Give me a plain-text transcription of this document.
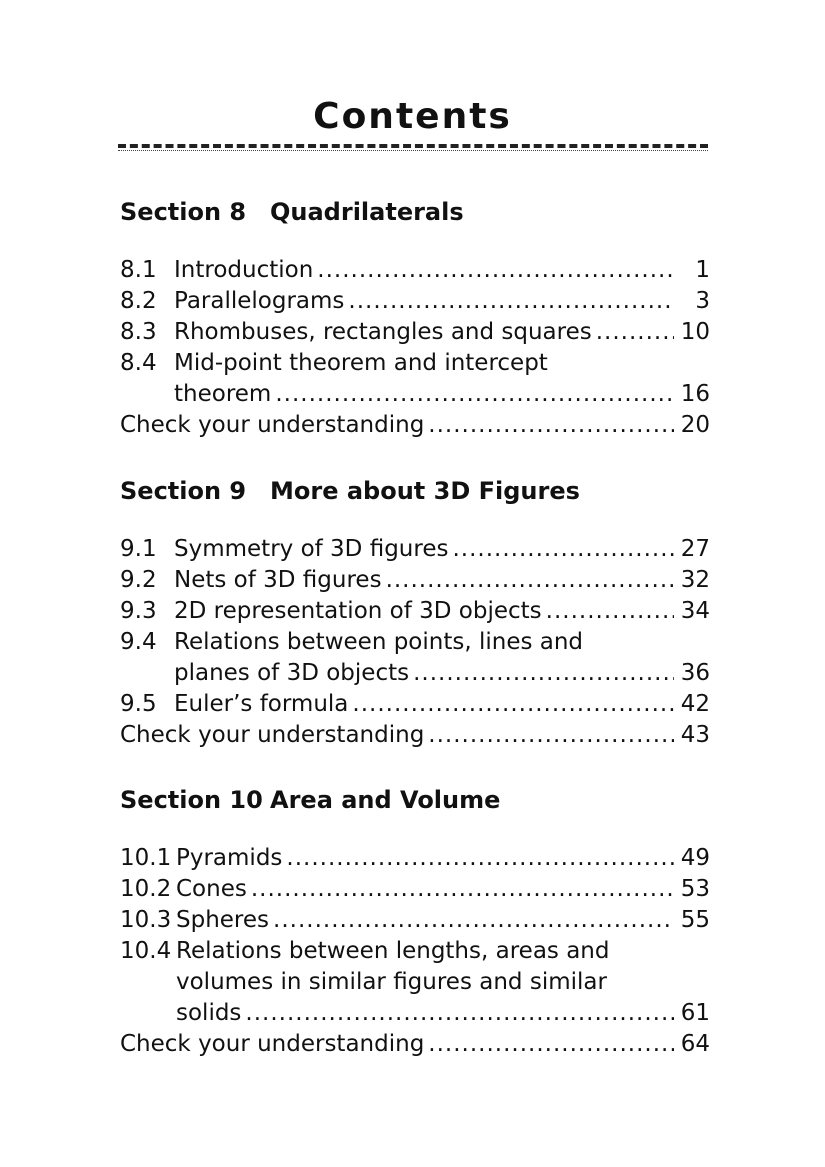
Contents
Section 8 Quadrilaterals
8.1 Introduction .....	1
8.2 Parallelograms .....	3
8.3 Rhombuses, rectangles and squares .....	10
8.4 Mid-point theorem and intercept
theorem .....	16
Check your understanding .....	20
Section 9 More about 3D Figures
9.1 Symmetry of 3D figures .....	27
9.2 Nets of 3D figures .....	32
9.3 2D representation of 3D objects .....	34
9.4 Relations between points, lines and
planes of 3D objects .....	36
9.5 Euler’s formula .....	42
Check your understanding .....	43
Section 10 Area and Volume
10.1 Pyramids .....	49
10.2 Cones .....	53
10.3 Spheres .....	55
10.4 Relations between lengths, areas and
volumes in similar figures and similar
solids .....	61
Check your understanding .....	64
